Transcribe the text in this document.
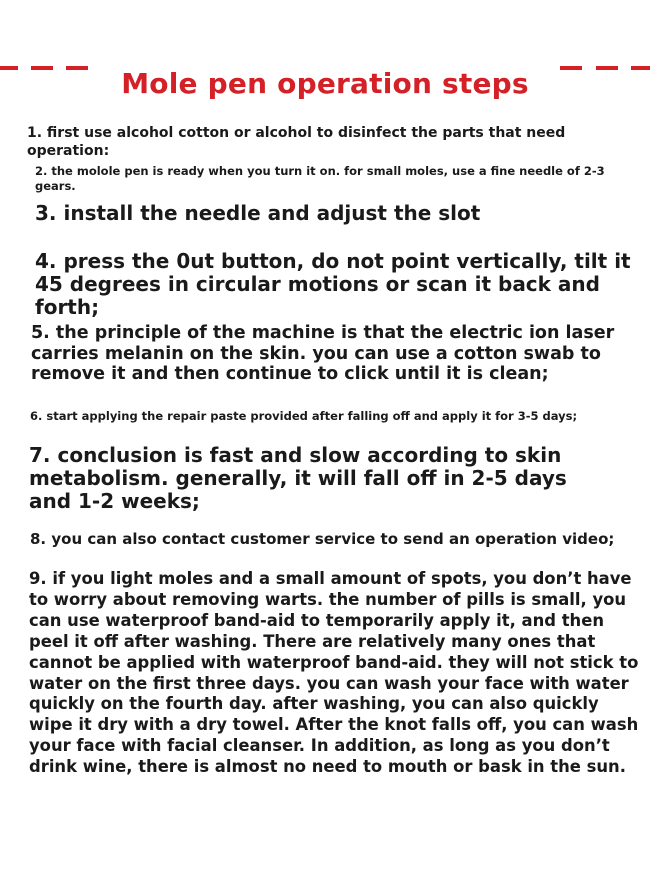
Mole pen operation steps

1. first use alcohol cotton or alcohol to disinfect the parts that need operation:

2. the molole pen is ready when you turn it on. for small moles, use a fine needle of 2-3 gears.

3. install the needle and adjust the slot

4. press the 0ut button, do not point vertically, tilt it 45 degrees in circular motions or scan it back and forth;

5. the principle of the machine is that the electric ion laser carries melanin on the skin. you can use a cotton swab to remove it and then continue to click until it is clean;

6. start applying the repair paste provided after falling off and apply it for 3-5 days;

7. conclusion is fast and slow according to skin metabolism. generally, it will fall off in 2-5 days and 1-2 weeks;

8. you can also contact customer service to send an operation video;

9. if you light moles and a small amount of spots, you don’t have to worry about removing warts. the number of pills is small, you can use waterproof band-aid to temporarily apply it, and then peel it off after washing. There are relatively many ones that cannot be applied with waterproof band-aid. they will not stick to water on the first three days. you can wash your face with water quickly on the fourth day. after washing, you can also quickly wipe it dry with a dry towel. After the knot falls off, you can wash your face with facial cleanser. In addition, as long as you don’t drink wine, there is almost no need to mouth or bask in the sun.
